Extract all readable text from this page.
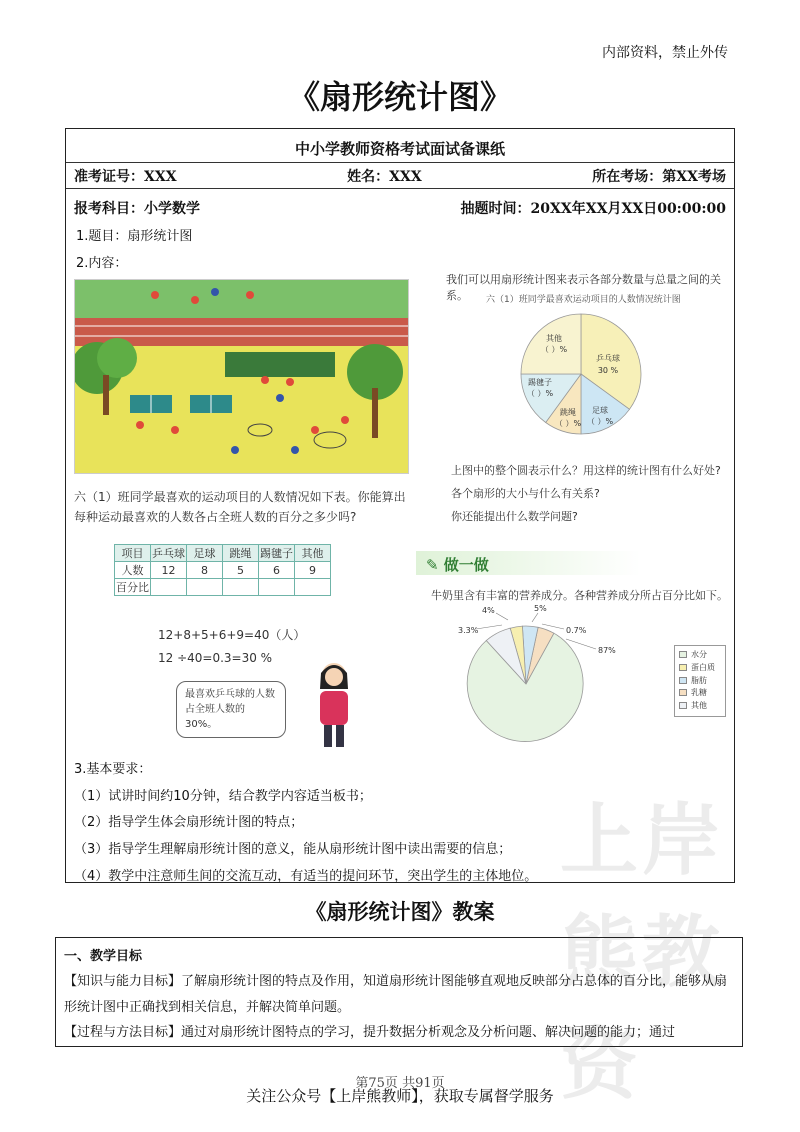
上岸熊教资
内部资料，禁止外传
《扇形统计图》
中小学教师资格考试面试备课纸
准考证号：XXX	姓名：XXX	所在考场：第XX考场
报考科目：小学数学	抽题时间：20XX年XX月XX日00:00:00
1.题目：扇形统计图
2.内容：
六（1）班同学最喜欢的运动项目的人数情况如下表。你能算出每种运动最喜欢的人数各占全班人数的百分之多少吗?
项目	乒乓球	足球	跳绳	踢毽子	其他
人数	12	8	5	6	9
百分比					
12+8+5+6+9=40（人）
12 ÷40=0.3=30 %
最喜欢乒乓球的人数占全班人数的30%。
我们可以用扇形统计图来表示各部分数量与总量之间的关系。	六（1）班同学最喜欢运动项目的人数情况统计图
乒乓球
30 %
足球
（ ）%
跳绳
（ ）%
踢毽子
（ ）%
其他
（ ）%
上图中的整个圆表示什么？用这样的统计图有什么好处?
各个扇形的大小与什么有关系?
你还能提出什么数学问题?
✎ 做一做
牛奶里含有丰富的营养成分。各种营养成分所占百分比如下。
4%	5%
3.3%	0.7%
87%	水分
蛋白质
脂肪
乳糖
其他
3.基本要求：
（1）试讲时间约10分钟，结合教学内容适当板书；
（2）指导学生体会扇形统计图的特点；
（3）指导学生理解扇形统计图的意义，能从扇形统计图中读出需要的信息；
（4）教学中注意师生间的交流互动，有适当的提问环节，突出学生的主体地位。
《扇形统计图》教案
一、教学目标
【知识与能力目标】了解扇形统计图的特点及作用，知道扇形统计图能够直观地反映部分占总体的百分比，能够从扇形统计图中正确找到相关信息，并解决简单问题。
【过程与方法目标】通过对扇形统计图特点的学习，提升数据分析观念及分析问题、解决问题的能力；通过
第75页 共91页
关注公众号【上岸熊教师】，获取专属督学服务
